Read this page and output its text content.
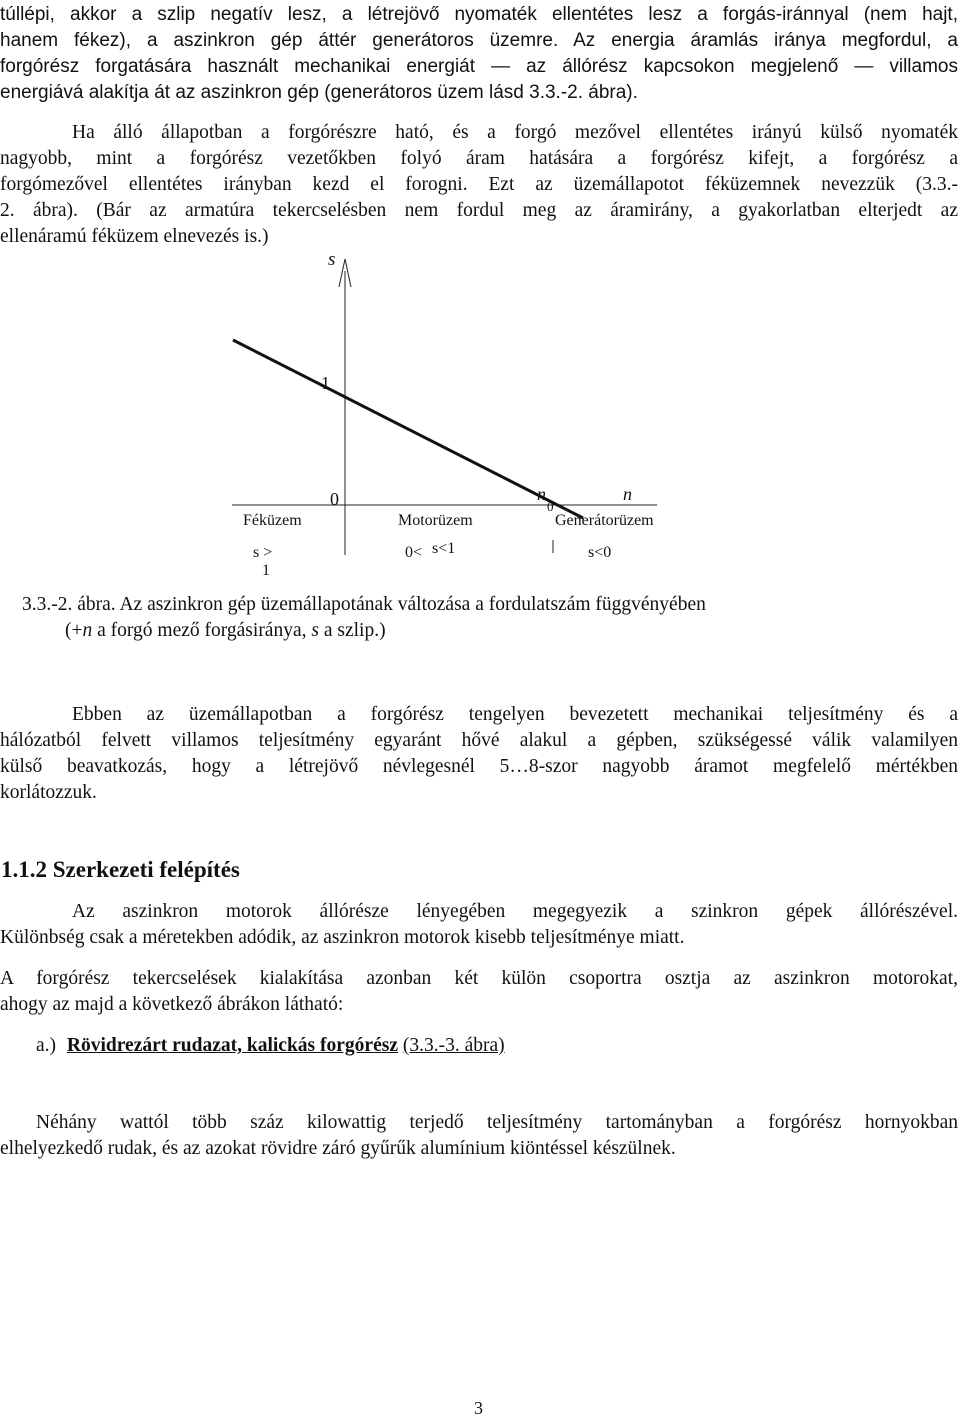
túllépi, akkor a szlip negatív lesz, a létrejövő nyomaték ellentétes lesz a forgás-iránnyal (nem hajt,
hanem fékez), a aszinkron gép áttér generátoros üzemre. Az energia áramlás iránya megfordul, a
forgórész forgatására használt mechanikai energiát — az állórész kapcsokon megjelenő — villamos
energiává alakítja át az aszinkron gép (generátoros üzem lásd 3.3.-2. ábra).
Ha álló állapotban a forgórészre ható, és a forgó mezővel ellentétes irányú külső nyomaték
nagyobb, mint a forgórész vezetőkben folyó áram hatására a forgórész kifejt, a forgórész a
forgómezővel ellentétes irányban kezd el forogni. Ezt az üzemállapotot féküzemnek nevezzük (3.3.-
2. ábra). (Bár az armatúra tekercselésben nem fordul meg az áramirány, a gyakorlatban elterjedt az
ellenáramú féküzem elnevezés is.)
s
1
0	n
0
n
Féküzem	Motorüzem	Generátorüzem
s >
1
0< s<1	s<0
3.3.-2. ábra. Az aszinkron gép üzemállapotának változása a fordulatszám függvényében
(+n a forgó mező forgásiránya, s a szlip.)
Ebben az üzemállapotban a forgórész tengelyen bevezetett mechanikai teljesítmény és a
hálózatból felvett villamos teljesítmény egyaránt hővé alakul a gépben, szükségessé válik valamilyen
külső beavatkozás, hogy a létrejövő névlegesnél 5…8-szor nagyobb áramot megfelelő mértékben
korlátozzuk.
1.1.2 Szerkezeti felépítés
Az aszinkron motorok állórésze lényegében megegyezik a szinkron gépek állórészével.
Különbség csak a méretekben adódik, az aszinkron motorok kisebb teljesítménye miatt.
A forgórész tekercselések kialakítása azonban két külön csoportra osztja az aszinkron motorokat,
ahogy az majd a következő ábrákon látható:
a.) Rövidrezárt rudazat, kalickás forgórész (3.3.-3. ábra)
Néhány wattól több száz kilowattig terjedő teljesítmény tartományban a forgórész hornyokban
elhelyezkedő rudak, és az azokat rövidre záró gyűrűk alumínium kiöntéssel készülnek.
3
